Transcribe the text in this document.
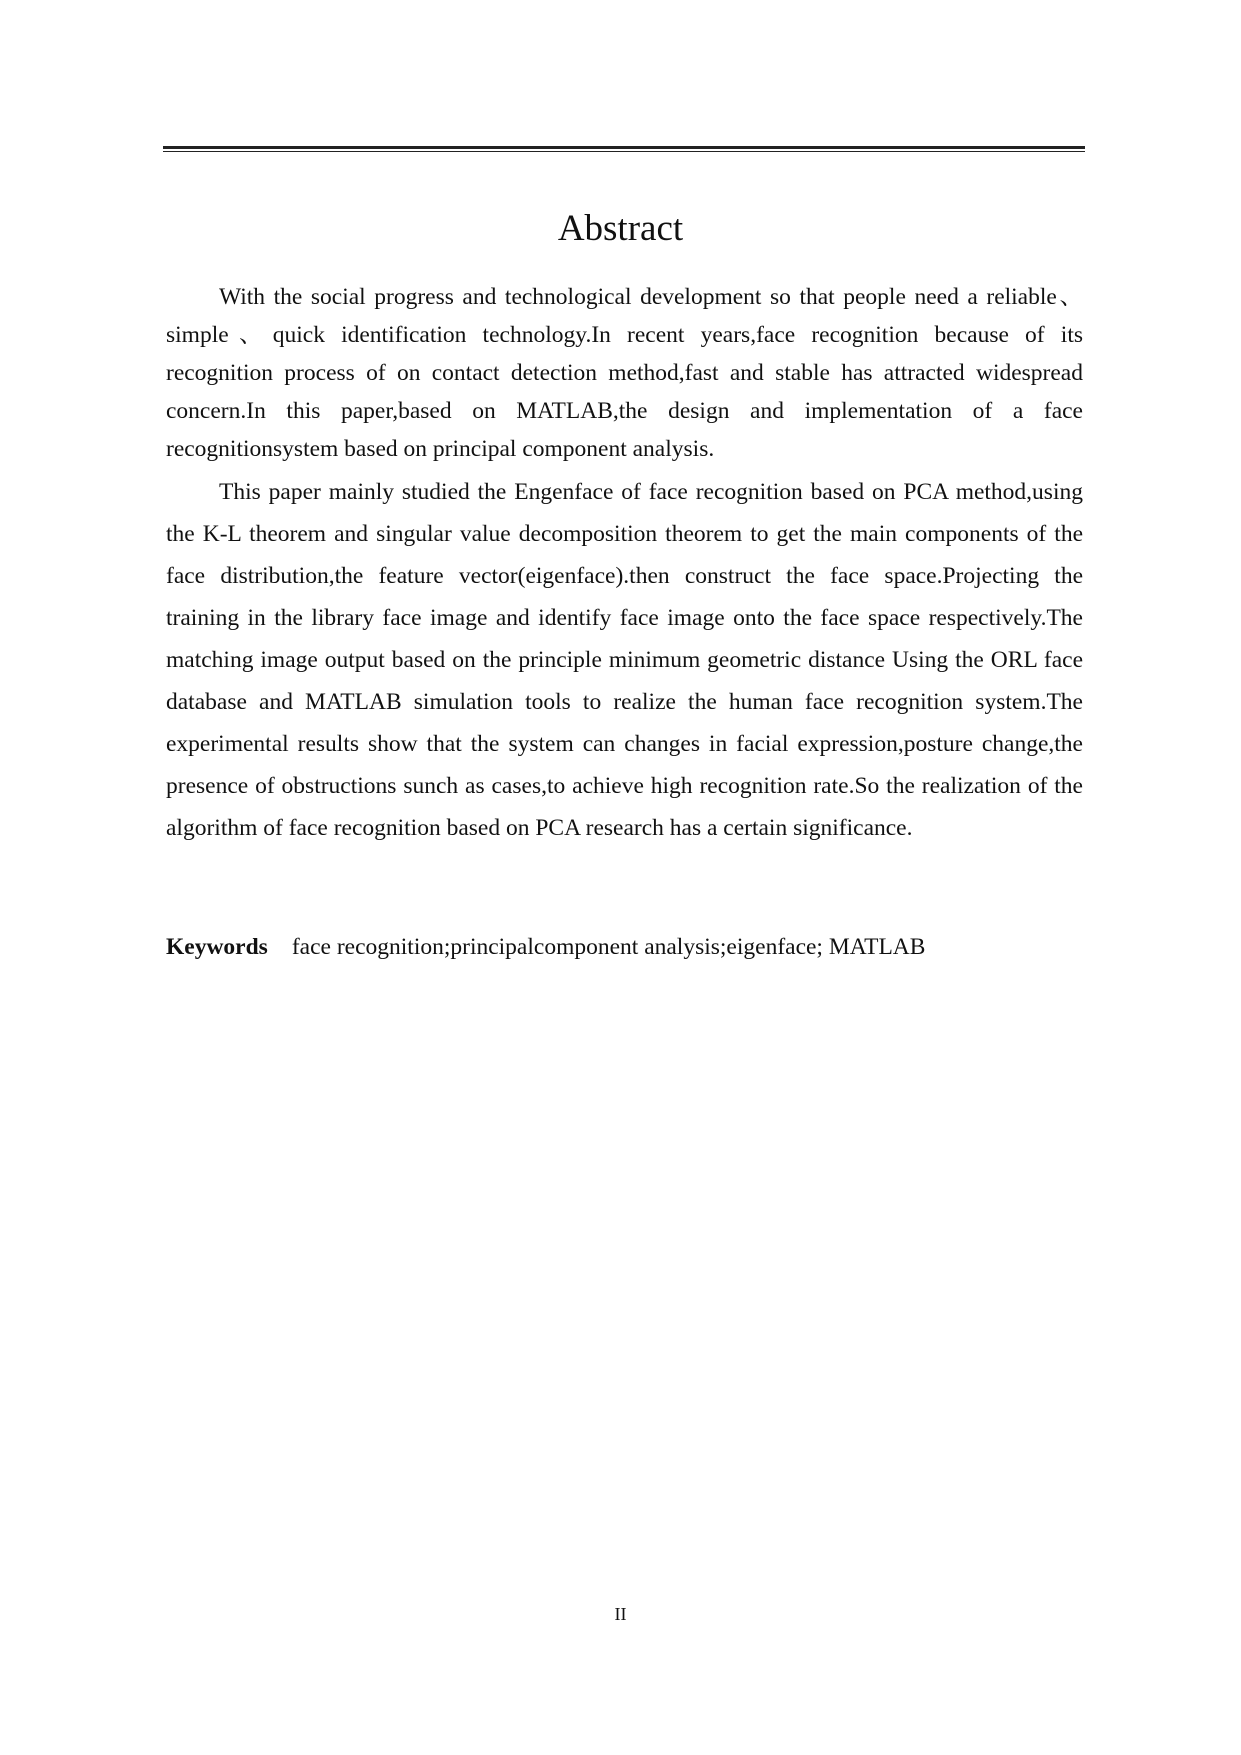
Abstract

With the social progress and technological development so that people need a reliable、simple、quick identification technology.In recent years,face recognition because of its recognition process of on contact detection method,fast and stable has attracted widespread concern.In this paper,based on MATLAB,the design and implementation of a face recognitionsystem based on principal component analysis.

This paper mainly studied the Engenface of face recognition based on PCA method,using the K-L theorem and singular value decomposition theorem to get the main components of the face distribution,the feature vector(eigenface).then construct the face space.Projecting the training in the library face image and identify face image onto the face space respectively.The matching image output based on the principle minimum geometric distance Using the ORL face database and MATLAB simulation tools to realize the human face recognition system.The experimental results show that the system can changes in facial expression,posture change,the presence of obstructions sunch as cases,to achieve high recognition rate.So the realization of the algorithm of face recognition based on PCA research has a certain significance.

Keywords face recognition;principalcomponent analysis;eigenface; MATLAB

II
